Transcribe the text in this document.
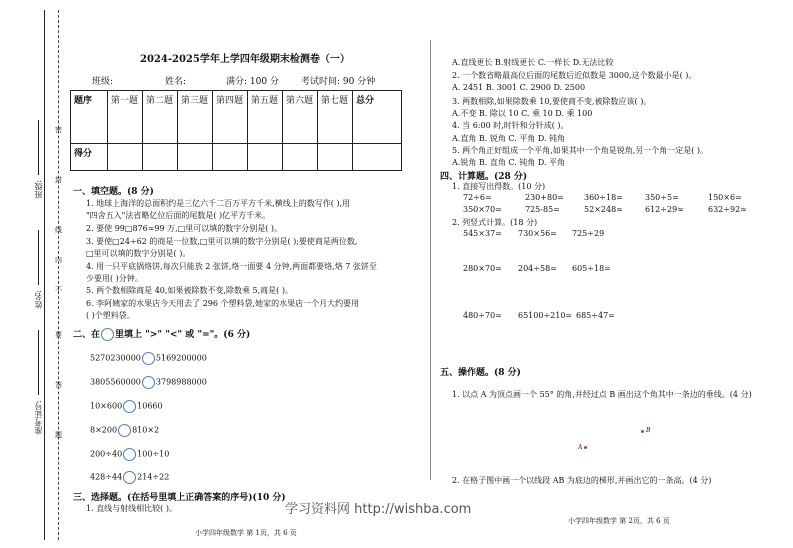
班级:
姓名:
准考证号:
密
封
线
内
不
要
答
题
2024-2025学年上学四年级期末检测卷（一）
班级:	姓名:	满分: 100 分 考试时间: 90 分钟
题序	第一题	第二题	第三题	第四题	第五题	第六题	第七题	总分
得分								
一、填空题。(8 分)
1. 地球上海洋的总面积约是三亿六千二百万平方千米,横线上的数写作( ),用
"四舍五入"法省略亿位后面的尾数是( )亿平方千米。
2. 要使 99□876≈99 万,□里可以填的数字分别是( )。
3. 要使□24÷62 的商是一位数,□里可以填的数字分别是( );要使商是两位数,
□里可以填的数字分别是( )。
4. 用一只平底锅烙饼,每次只能放 2 张饼,烙一面要 4 分钟,两面都要烙,烙 7 张饼至
少要用( )分钟。
5. 两个数相除商是 40,如果被除数不变,除数乘 5,商是( )。
6. 李阿姨家的水果店今天用去了 296 个塑料袋,她家的水果店一个月大约要用
( )个塑料袋。
二、在 里填上 ">" "<" 或 "="。(6 分)
5270230000 5169200000
3805560000 3798988000
10×600 10660
8×200 810×2
200÷40 100÷10
428÷44 214÷22
三、选择题。(在括号里填上正确答案的序号)(10 分)
1. 直线与射线相比较( )。
小学四年级数学 第 1页，共 6 页
A.直线更长 B.射线更长 C.一样长 D.无法比较
2. 一个数省略最高位后面的尾数后近似数是 3000,这个数最小是( )。
A. 2451 B. 3001 C. 2900 D. 2500
3. 两数相除,如果除数乘 10,要使商不变,被除数应该( )。
A.不变 B. 除以 10 C. 乘 10 D. 乘 100
4. 当 6:00 时,时针和分针成( )。
A.直角 B. 锐角 C. 平角 D. 钝角
5. 两个角正好组成一个平角,如果其中一个角是锐角,另一个角一定是( )。
A.锐角 B. 直角 C. 钝角 D. 平角
四、计算题。(28 分)
1. 直接写出得数。(10 分)
72÷6=	230+80=	360÷18=	350÷5=	150×6=
350×70=	725-85=	52×248≈	612÷29≈	632÷92≈
2. 列竖式计算。(18 分)
545×37= 730×56= 725÷29
280×70= 204÷58= 605÷18=
480÷70= 65100÷210= 685÷47=
五、操作题。(8 分)
1. 以点 A 为顶点画一个 55° 的角,并经过点 B 画出这个角其中一条边的垂线。(4 分)
B
A
2. 在格子图中画一个以线段 AB 为底边的梯形,并画出它的一条高。(4 分)
小学四年级数学 第 2页，共 6 页
学习资料网 http://wishba.com
